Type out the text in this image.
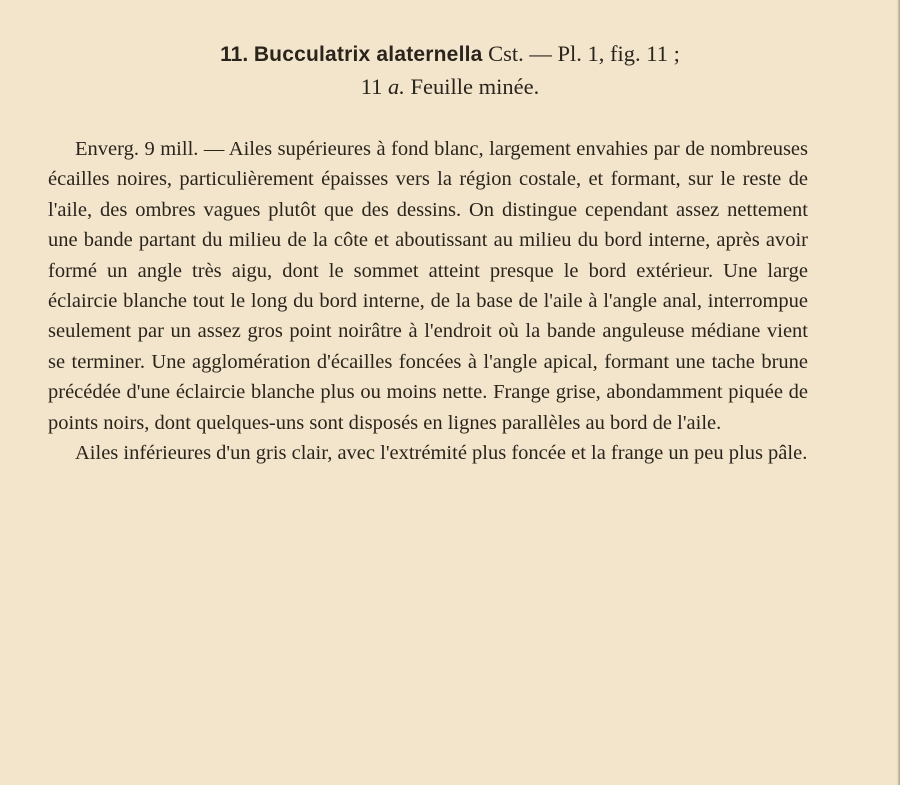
11. Bucculatrix alaternella Cst. — Pl. 1, fig. 11 ;
11 a. Feuille minée.

Enverg. 9 mill. — Ailes supérieures à fond blanc, largement envahies par de nombreuses écailles noires, particulièrement épaisses vers la région costale, et formant, sur le reste de l'aile, des ombres vagues plutôt que des dessins. On distingue cependant assez nettement une bande partant du milieu de la côte et aboutissant au milieu du bord interne, après avoir formé un angle très aigu, dont le sommet atteint presque le bord extérieur. Une large éclaircie blanche tout le long du bord interne, de la base de l'aile à l'angle anal, interrompue seulement par un assez gros point noirâtre à l'endroit où la bande anguleuse médiane vient se terminer. Une agglomération d'écailles foncées à l'angle apical, formant une tache brune précédée d'une éclaircie blanche plus ou moins nette. Frange grise, abondamment piquée de points noirs, dont quelques-uns sont disposés en lignes parallèles au bord de l'aile.

Ailes inférieures d'un gris clair, avec l'extrémité plus foncée et la frange un peu plus pâle.
